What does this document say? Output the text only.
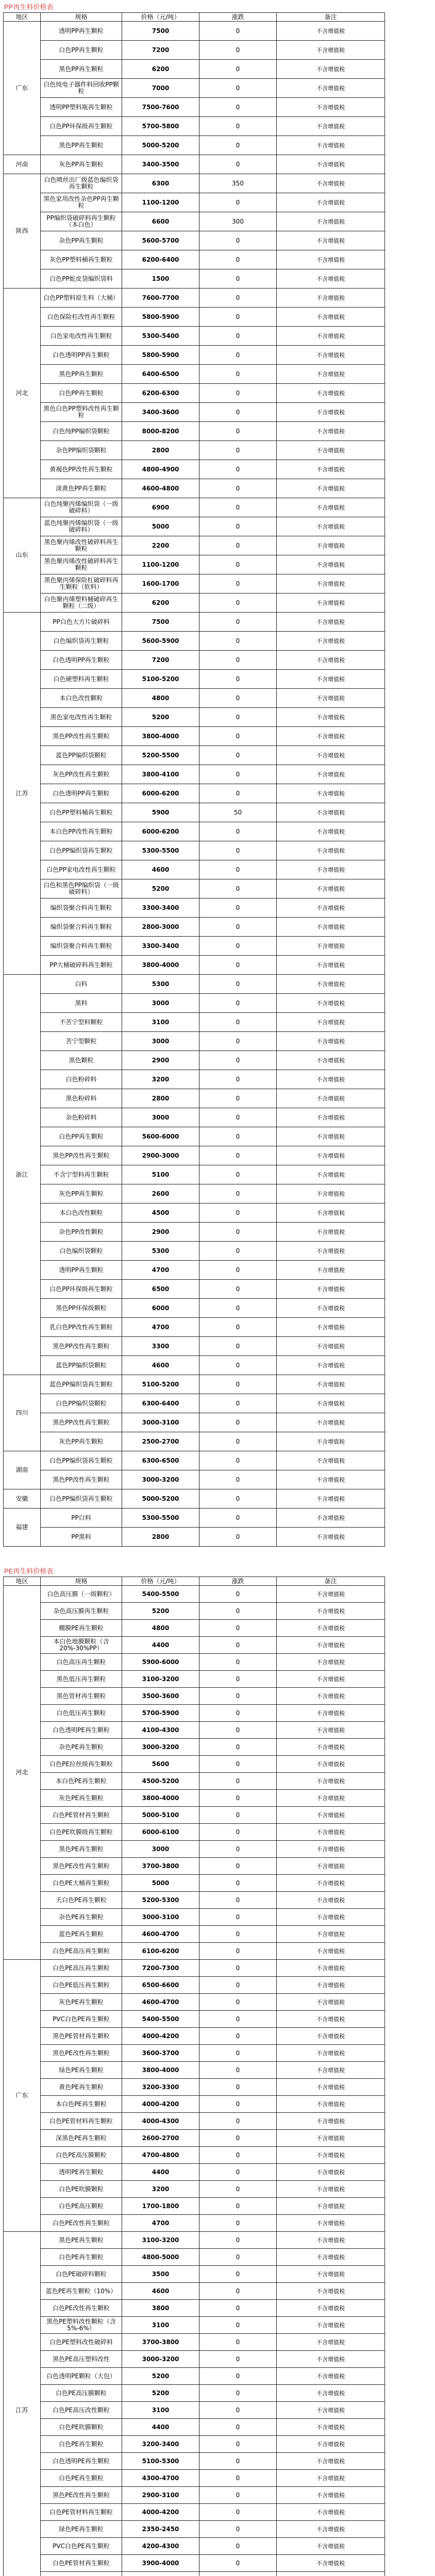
PP再生料价格表
地区	规格	价格（元/吨）	涨跌	备注
广东	透明PP再生颗粒	7500	0	不含增值税
	白色PP再生颗粒	7200	0	不含增值税
	黑色PP再生颗粒	6200	0	不含增值税
	白色纯电子器件料回收PP颗粒	7000	0	不含增值税
	透明PP塑料瓶再生颗粒	7500-7600	0	不含增值税
	白色PP环保级再生颗粒	5700-5800	0	不含增值税
	黑色PP再生颗粒	5000-5200	0	不含增值税
河南	灰色PP再生颗粒	3400-3500	0	不含增值税
陕西	白色喷丝出厂级蓝色编织袋再生颗粒	6300	350	不含增值税
	黑色家用改性杂色PP再生颗粒	1100-1200	0	不含增值税
	PP编织袋破碎料再生颗粒（本白色）	6600	300	不含增值税
	杂色PP再生颗粒	5600-5700	0	不含增值税
	灰色PP塑料桶再生颗粒	6200-6400	0	不含增值税
	白色PP蛇皮袋编织袋料	1500	0	不含增值税
河北	白色PP塑料原生料（大桶）	7600-7700	0	不含增值税
	白色保险杠改性再生颗粒	5800-5900	0	不含增值税
	白色家电改性再生颗粒	5300-5400	0	不含增值税
	白色透明PP再生颗粒	5800-5900	0	不含增值税
	黑色PP再生颗粒	6400-6500	0	不含增值税
	白色PP再生颗粒	6200-6300	0	不含增值税
	黑色白色PP塑料改性再生颗粒	3400-3600	0	不含增值税
	白色纯PP编织袋颗粒	8000-8200	0	不含增值税
	杂色PP编织袋颗粒	2800	0	不含增值税
	黄褐色PP改性再生颗粒	4800-4900	0	不含增值税
	淡黄色PP再生颗粒	4600-4800	0	不含增值税
山东	白色纯聚丙烯编织袋（一级破碎料）	6900	0	不含增值税
	蓝色纯聚丙烯编织袋（一级破碎料）	5000	0	不含增值税
	黑色聚丙烯改性破碎料再生颗粒	2200	0	不含增值税
	黑色聚丙烯改性破碎料再生颗粒	1100-1200	0	不含增值税
	黑色聚丙烯保险杠破碎料再生颗粒（软料）	1600-1700	0	不含增值税
	白色聚丙烯塑料桶破碎再生颗粒（二级）	6200	0	不含增值税
江苏	PP白色大方片破碎料	7500	0	不含增值税
	白色编织袋再生颗粒	5600-5900	0	不含增值税
	白色透明PP再生颗粒	7200	0	不含增值税
	白色硬塑料再生颗粒	5100-5200	0	不含增值税
	本白色改性颗粒	4800	0	不含增值税
	黑色家电改性再生颗粒	5200	0	不含增值税
	黑色PP改性再生颗粒	3800-4000	0	不含增值税
	蓝色PP编织袋颗粒	5200-5500	0	不含增值税
	灰色PP改性再生颗粒	3800-4100	0	不含增值税
	白色透明PP再生颗粒	6000-6200	0	不含增值税
	白色PP塑料桶再生颗粒	5900	50	不含增值税
	本白色PP改性再生颗粒	6000-6200	0	不含增值税
	白色PP编织袋再生颗粒	5300-5500	0	不含增值税
	白色PP家电改性再生颗粒	4600	0	不含增值税
	白色和黑色PP编织袋（一级破碎料）	5200	0	不含增值税
	编织袋聚合料再生颗粒	3300-3400	0	不含增值税
	编织袋聚合料再生颗粒	2800-3000	0	不含增值税
	编织袋聚合料再生颗粒	3300-3400	0	不含增值税
	PP大桶破碎料再生颗粒	3800-4000	0	不含增值税
浙江	白料	5300	0	不含增值税
	黑料	3000	0	不含增值税
	不苦宁型料颗粒	3100	0	不含增值税
	苦宁型颗粒	3000	0	不含增值税
	黑色颗粒	2900	0	不含增值税
	白色粉碎料	3200	0	不含增值税
	黑色粉碎料	2800	0	不含增值税
	杂色粉碎料	3000	0	不含增值税
	白色PP再生颗粒	5600-6000	0	不含增值税
	黑色PP改性再生颗粒	2900-3000	0	不含增值税
	不含宁型料再生颗粒	5100	0	不含增值税
	灰色PP再生颗粒	2600	0	不含增值税
	本白色改性颗粒	4500	0	不含增值税
	杂色PP改性颗粒	2900	0	不含增值税
	白色编织袋颗粒	5300	0	不含增值税
	透明PP再生颗粒	4700	0	不含增值税
	白色PP环保级再生颗粒	6500	0	不含增值税
	黑色PP环保级颗粒	6000	0	不含增值税
	乳白色PP改性再生颗粒	4700	0	不含增值税
	黑色PP改性再生颗粒	3300	0	不含增值税
	蓝色PP编织袋颗粒	4600	0	不含增值税
四川	蓝色PP编织袋再生颗粒	5100-5200	0	不含增值税
	白色PP编织袋颗粒	6300-6400	0	不含增值税
	黑色PP改性再生颗粒	3000-3100	0	不含增值税
	灰色PP再生颗粒	2500-2700	0	不含增值税
湖南	白色PP编织袋再生颗粒	6300-6500	0	不含增值税
	黑色PP改性再生颗粒	3000-3200	0	不含增值税
安徽	白色PP编织袋再生颗粒	5000-5200	0	不含增值税
福建	PP白料	5300-5500	0	不含增值税
	PP黑料	2800	0	不含增值税
PE再生料价格表
地区	规格	价格（元/吨）	涨跌	备注
河北	白色高压膜（一级颗粒）	5400-5500	0	不含增值税
	杂色高压膜再生颗粒	5200	0	不含增值税
	棚膜PE再生颗粒	4800	0	不含增值税
	本白色地膜颗粒（含20%-30%PP）	4400	0	不含增值税
	白色高压再生颗粒	5900-6000	0	不含增值税
	黑色低压再生颗粒	3100-3200	0	不含增值税
	黑色管材再生颗粒	3500-3600	0	不含增值税
	白色低压再生颗粒	5700-5900	0	不含增值税
	白色透明PE再生颗粒	4100-4300	0	不含增值税
	杂色PE再生颗粒	3000-3200	0	不含增值税
	白色PE拉丝级再生颗粒	5600	0	不含增值税
	本白色PE再生颗粒	4500-5200	0	不含增值税
	灰色PE再生颗粒	3800-4000	0	不含增值税
	白色PE管材再生颗粒	5000-5100	0	不含增值税
	白色PE吹膜级再生颗粒	6000-6100	0	不含增值税
	黑色PE再生颗粒	3000	0	不含增值税
	黑色PE改性再生颗粒	3700-3800	0	不含增值税
	白色PE大桶再生颗粒	5000	0	不含增值税
	天白色PE再生颗粒	5200-5300	0	不含增值税
	杂色PE再生颗粒	3000-3100	0	不含增值税
	蓝色PE再生颗粒	4600-4700	0	不含增值税
	白色PE高压再生颗粒	6100-6200	0	不含增值税
广东	白色PE高压再生颗粒	7200-7300	0	不含增值税
	白色PE低压再生颗粒	6500-6600	0	不含增值税
	灰色PE再生颗粒	4600-4700	0	不含增值税
	PVC白色PE再生颗粒	5400-5500	0	不含增值税
	黑色PE管材再生颗粒	4000-4200	0	不含增值税
	黑色PE改性再生颗粒	3600-3700	0	不含增值税
	绿色PE再生颗粒	3800-4000	0	不含增值税
	黄色PE再生颗粒	3200-3300	0	不含增值税
	本白色PE再生颗粒	4000-4200	0	不含增值税
	白色PE管材料再生颗粒	4000-4300	0	不含增值税
	深黑色PE再生颗粒	2600-2700	0	不含增值税
	白色PE高压膜颗粒	4700-4800	0	不含增值税
	透明PE再生颗粒	4400	0	不含增值税
	白色PE吹膜颗粒	3200	0	不含增值税
	白色PE高压颗粒	1700-1800	0	不含增值税
	白色PE改性再生颗粒	4700	0	不含增值税
江苏	黑色PE再生颗粒	3100-3200	0	不含增值税
	白色PE再生颗粒	4800-5000	0	不含增值税
	白色PE破碎料颗粒	3500	0	不含增值税
	蓝色PE再生颗粒（10%）	4600	0	不含增值税
	白色PE改性再生颗粒	3800	0	不含增值税
	黑色PE塑料改性颗粒（含5%-6%）	3100	0	不含增值税
	白色PE塑料改性破碎料	3700-3800	0	不含增值税
	黑色PE高压塑料改性	3000-3200	0	不含增值税
	白色透明PE颗粒（大包）	5200	0	不含增值税
	白色PE高压膜颗粒	5200	0	不含增值税
	白色PE高压改性颗粒	3100	0	不含增值税
	白色PE吹膜颗粒	4400	0	不含增值税
	白色PE再生颗粒	3200-3400	0	不含增值税
	白色透明PE再生颗粒	5100-5300	0	不含增值税
	白色PE再生颗粒	4300-4700	0	不含增值税
	黑色PE改性再生颗粒	2900-3100	0	不含增值税
	白色PE管材料再生颗粒	4000-4200	0	不含增值税
	绿色PE再生颗粒	2350-2450	0	不含增值税
	PVC白色PE再生颗粒	4200-4300	0	不含增值税
	白色PE管材再生颗粒	3900-4000	0	不含增值税
